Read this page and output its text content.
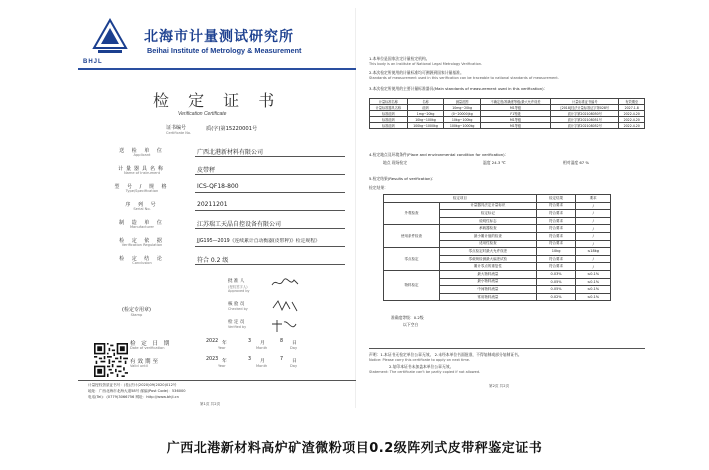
BHJL
北海市计量测试研究所
Beihai Institute of Metrology & Measurement
检 定 证 书
Verification Certificate
证书编号
Certificate No.
质(字)第15220001号
送 检 单 位
Applicant	广西北港新材料有限公司
计量器具名称
Name of Instrument	皮带秤
型 号 / 规 格
Type/Specification
ICS-QF18-800
序 列 号
Serial No.
20211201
制 造 单 位
Manufacturer	江苏瑞工天晶自控设备有限公司
检 定 依 据
Verification Regulation
JJG195—2019《连续累计自动衡器(皮带秤)》检定规程》
检 定 结 论
Conclusion	符合 0.2 级
批 准 人
(授权签字人)
Approved by
核 验 员
Checked by
检 定 员
Verified by
(检定专用章)
Stamp
检 定 日 期
Date of verification
2022 年	3 月	8 日
Year	Month	Day
有效期至
Valid until
2023 年	3 月	7 日
Year	Month	Day
计量授权资质证书号：(桂)法计(2020)09(2020)012号
地址：广西北海市北海大道58号 邮编(Post Code)：536000
电话(Tel)：(0779)3066756 网址：http://www.bhjl.cn
第1页 共2页
1.本单位是国家法定计量检定机构。
This body is an Institute of National Legal Metrology Verification.
2.本次检定所使用的计量标准均可溯源到国家计量基准。
Standards of measurement used in this verification can be traceable to national standards of measurement.
3.本次检定所使用的主要计量标准器具(Main standards of measurement used in this verification)：
计量标准名称	名称	测量范围	不确定度/准确度等级/最大允许误差	计量标准证书编号	有效期至
计量标准器具名称	砝码	10mg~20kg	M1等级	[2018]桂法计量标准证字第028号	2027.1.8
标准砝码	1mg~20kg	(0~20000)kg	F1等级	质计字第202108050号	2022.4.20
标准砝码	10kg~100kg	10kg~100kg	M1等级	质计字第202108051号	2022.4.20
标准砝码	100kg~1000kg	100kg~1000kg	M1等级	质计字第202108052号	2022.4.20
4.检定地点及环境条件(Place and environmental condition for verification)：
地点 现场检定	温度 24.3 ℃	相对湿度 67 %
5.检定结果(Results of verification)：
检定结果：
检定项目		检定结果	要求
外观检查	计量器具法定计量标识	符合要求	/
	检定标记	符合要求	/
	说明性标志	符合要求	/
使用条件检查	承载器检查	符合要求	/
	最小累计值的检查	符合要求	/
	适用性检查	符合要求	/
零点检定	零点检定时最大允许误差	10kg	≤18kg
	零载荷检测最大偏差试验	符合要求	/
	累计零点的重复性	符合要求	/
物料检定	最大物料流量	0.03%	≤0.1%
	最小物料流量	0.05%	≤0.1%
	中间物料流量	0.05%	≤0.1%
	常用物料流量	0.02%	≤0.1%
准确度等级：0.2级
以下空白
声明：1.本证书无检定单位公章无效。 2.未经本单位书面批准，不得复制或部分复制证书。
Notice: Please carry this certificate to apply on next time.
2.复印本证书未加盖本单位公章无效。
Statement: The certificate can't be partly copied if not allowed.
第2页 共2页
广西北港新材料高炉矿渣微粉项目0.2级阵列式皮带秤鉴定证书
